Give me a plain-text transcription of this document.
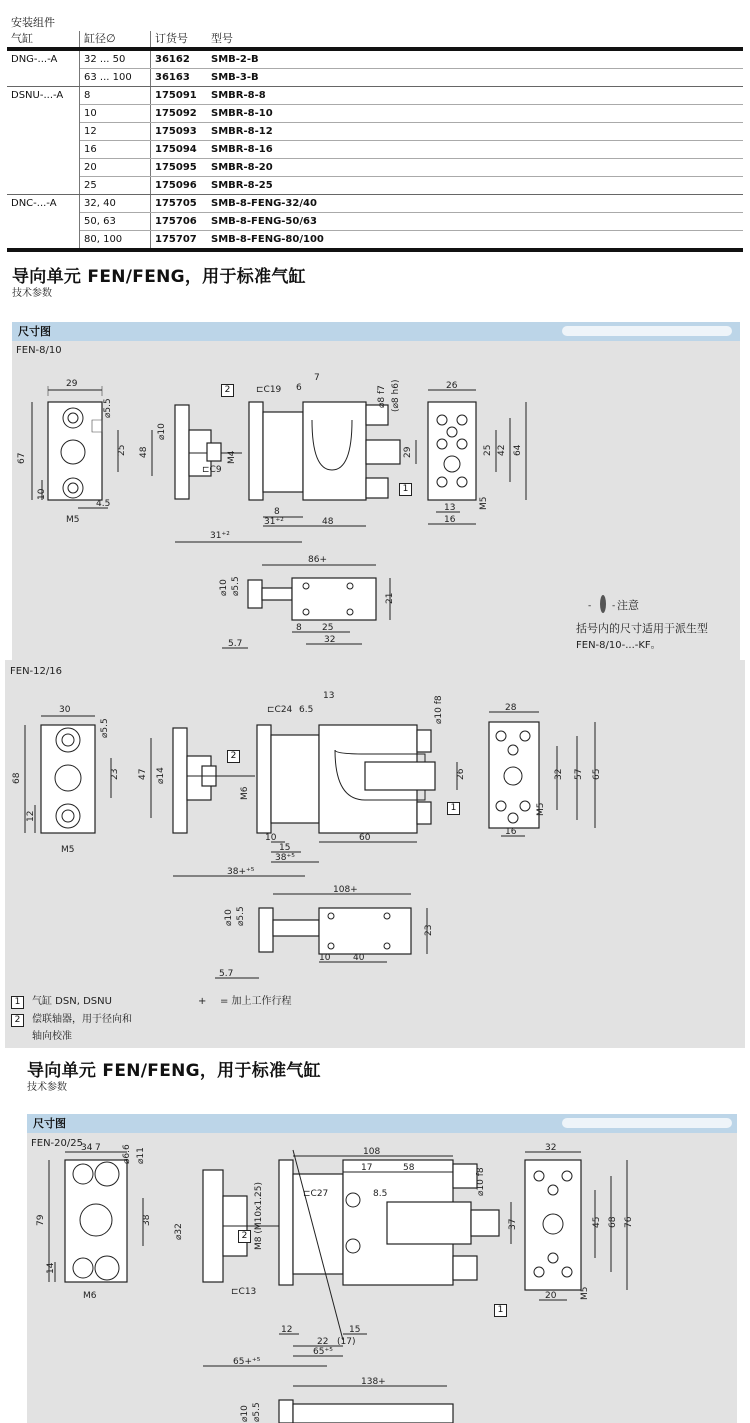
安装组件			
气缸	缸径∅	订货号	型号
DNG-...-A	32 ... 50	36162	SMB-2-B
	63 ... 100	36163	SMB-3-B
DSNU-...-A	8	175091	SMBR-8-8
	10	175092	SMBR-8-10
	12	175093	SMBR-8-12
	16	175094	SMBR-8-16
	20	175095	SMBR-8-20
	25	175096	SMBR-8-25
DNC-...-A	32, 40	175705	SMB-8-FENG-32/40
	50, 63	175706	SMB-8-FENG-50/63
	80, 100	175707	SMB-8-FENG-80/100
导向单元 FEN/FENG，用于标准气缸
技术参数
尺寸图
FEN-8/10
29
67
10
25
⌀5.5
4.5
M5
48
⌀10
M4
⊏C9
31⁺²
8
31⁺²	48
⊏C19 6
7
⌀8 f7 (⌀8 h6)
29
26
25 42 64
13
16
M5
86+
⌀10 ⌀5.5
21
8 25
32
5.7
- -
2
1
注意
括号内的尺寸适用于派生型
FEN-8/10-...-KF。
FEN-12/16
30
68
12
23
⌀5.5
M5
47 ⌀14
M6
38+⁺⁵
10
15
38⁺⁵
60
⊏C24 6.5
13	⌀10 f8
26
28
32 57 65
16
M5
108+
⌀10 ⌀5.5
23
10	40
5.7
2
1
1	气缸 DSN, DSNU	+ = 加上工作行程
2	偿联轴器，用于径向和
轴向校准
导向单元 FEN/FENG，用于标准气缸
技术参数
尺寸图
FEN-20/25
34
79	38
14
⌀6.6 ⌀11
7
M6
⌀32	M8 (M10x1.25)
⊏C13
65+⁺⁵
17	58
108
⊏C27	8.5	⌀10 f8
37
12	15
22 (17)
65⁺⁵
138+
⌀10 ⌀5.5
32
45 68 76
20	M5
2
1
